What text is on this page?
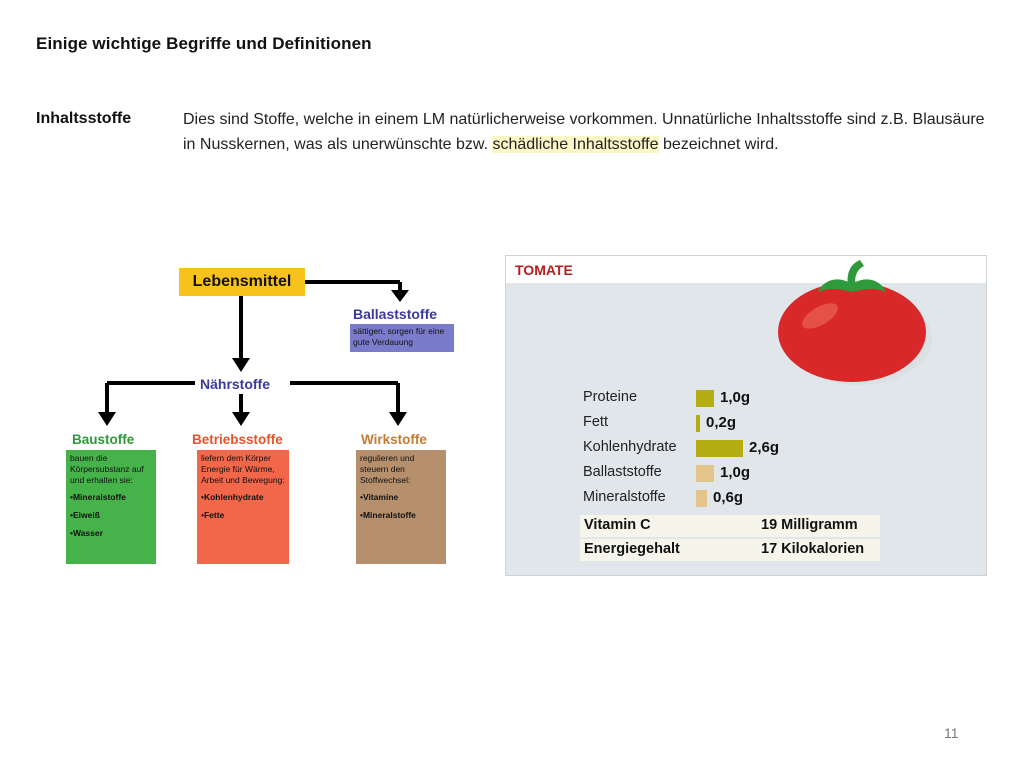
Einige wichtige Begriffe und Definitionen
Inhaltsstoffe	Dies sind Stoffe, welche in einem LM natürlicherweise vorkommen. Unnatürliche Inhaltsstoffe sind z.B. Blausäure in Nusskernen, was als unerwünschte bzw. schädliche Inhaltsstoffe bezeichnet wird.
Lebensmittel
Ballaststoffe
sättigen, sorgen für eine gute Verdauung
Nährstoffe
Baustoffe	Betriebsstoffe	Wirkstoffe
bauen die Körpersubstanz auf und erhalten sie:
•Mineralstoffe
•Eiweiß
•Wasser
liefern dem Körper Energie für Wärme, Arbeit und Bewegung:
•Kohlenhydrate
•Fette
regulieren und steuern den Stoffwechsel:
•Vitamine
•Mineralstoffe
TOMATE
Proteine	1,0g
Fett	0,2g
Kohlenhydrate	2,6g
Ballaststoffe	1,0g
Mineralstoffe	0,6g
Vitamin C	19 Milligramm
Energiegehalt	17 Kilokalorien
11
